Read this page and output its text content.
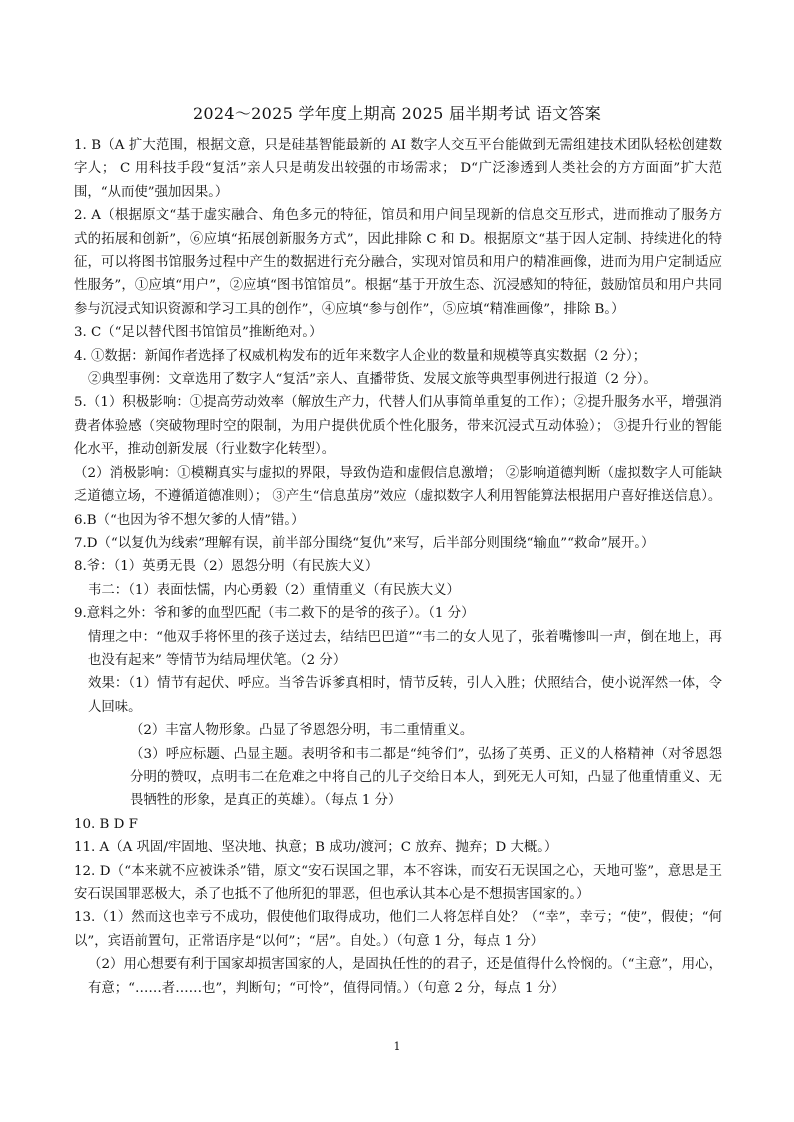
2024～2025 学年度上期高 2025 届半期考试 语文答案

1. B（A 扩大范围，根据文意，只是硅基智能最新的 AI 数字人交互平台能做到无需组建技术团队轻松创建数字人； C 用科技手段“复活”亲人只是萌发出较强的市场需求； D“广泛渗透到人类社会的方方面面”扩大范围，“从而使”强加因果。）

2. A（根据原文“基于虚实融合、角色多元的特征，馆员和用户间呈现新的信息交互形式，进而推动了服务方式的拓展和创新”，⑥应填“拓展创新服务方式”，因此排除 C 和 D。根据原文“基于因人定制、持续进化的特征，可以将图书馆服务过程中产生的数据进行充分融合，实现对馆员和用户的精准画像，进而为用户定制适应性服务”，①应填“用户”，②应填“图书馆馆员”。根据“基于开放生态、沉浸感知的特征，鼓励馆员和用户共同参与沉浸式知识资源和学习工具的创作”，④应填“参与创作”，⑤应填“精准画像”，排除 B。）

3. C（“足以替代图书馆馆员”推断绝对。）

4. ①数据：新闻作者选择了权威机构发布的近年来数字人企业的数量和规模等真实数据（2 分）；

②典型事例：文章选用了数字人“复活”亲人、直播带货、发展文旅等典型事例进行报道（2 分）。

5.（1）积极影响：①提高劳动效率（解放生产力，代替人们从事简单重复的工作）；②提升服务水平，增强消费者体验感（突破物理时空的限制，为用户提供优质个性化服务，带来沉浸式互动体验）； ③提升行业的智能化水平，推动创新发展（行业数字化转型）。

（2）消极影响：①模糊真实与虚拟的界限，导致伪造和虚假信息激增； ②影响道德判断（虚拟数字人可能缺乏道德立场，不遵循道德准则）； ③产生“信息茧房”效应（虚拟数字人利用智能算法根据用户喜好推送信息）。

6.B（“也因为爷不想欠爹的人情”错。）

7.D（“以复仇为线索”理解有误，前半部分围绕“复仇”来写，后半部分则围绕“输血”“救命”展开。）

8.爷：（1）英勇无畏（2）恩怨分明（有民族大义）

韦二：（1）表面怯懦，内心勇毅（2）重情重义（有民族大义）

9.意料之外：爷和爹的血型匹配（韦二救下的是爷的孩子）。（1 分）

情理之中：“他双手将怀里的孩子送过去，结结巴巴道”“韦二的女人见了，张着嘴惨叫一声，倒在地上，再也没有起来” 等情节为结局埋伏笔。（2 分）

效果：（1）情节有起伏、呼应。当爷告诉爹真相时，情节反转，引人入胜；伏照结合，使小说浑然一体，令人回味。

（2）丰富人物形象。凸显了爷恩怨分明，韦二重情重义。

（3）呼应标题、凸显主题。表明爷和韦二都是“纯爷们”，弘扬了英勇、正义的人格精神（对爷恩怨分明的赞叹，点明韦二在危难之中将自己的儿子交给日本人，到死无人可知，凸显了他重情重义、无畏牺牲的形象，是真正的英雄）。（每点 1 分）

10. B D F

11. A（A 巩固/牢固地、坚决地、执意；B 成功/渡河；C 放弃、抛弃；D 大概。）

12. D（“本来就不应被诛杀”错，原文“安石误国之罪，本不容诛，而安石无误国之心，天地可鉴”，意思是王安石误国罪恶极大，杀了也抵不了他所犯的罪恶，但也承认其本心是不想损害国家的。）

13.（1）然而这也幸亏不成功，假使他们取得成功，他们二人将怎样自处？（“幸”，幸亏；“使”，假使；“何以”，宾语前置句，正常语序是“以何”；“居”。自处。）（句意 1 分，每点 1 分）

（2）用心想要有利于国家却损害国家的人，是固执任性的的君子，还是值得什么怜悯的。（“主意”，用心，有意；“……者……也”，判断句；“可怜”，值得同情。）（句意 2 分，每点 1 分）

1
